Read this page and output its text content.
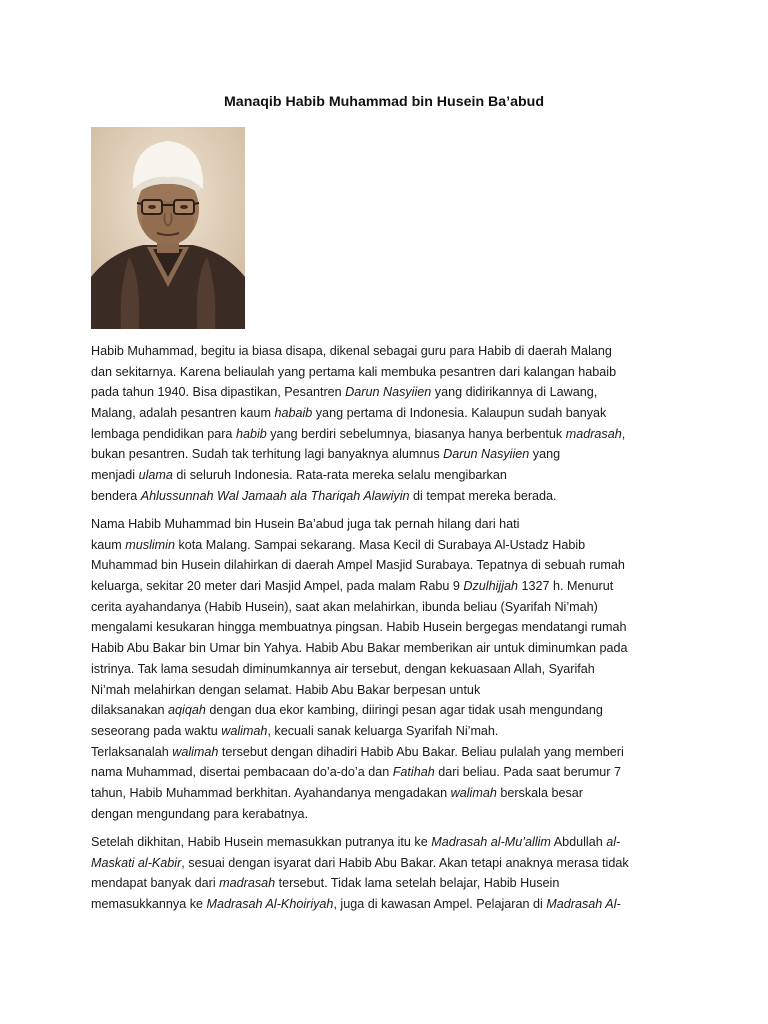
Manaqib Habib Muhammad bin Husein Ba’abud
Habib Muhammad, begitu ia biasa disapa, dikenal sebagai guru para Habib di daerah Malang
dan sekitarnya. Karena beliaulah yang pertama kali membuka pesantren dari kalangan habaib
pada tahun 1940. Bisa dipastikan, Pesantren Darun Nasyiien yang didirikannya di Lawang,
Malang, adalah pesantren kaum habaib yang pertama di Indonesia. Kalaupun sudah banyak
lembaga pendidikan para habib yang berdiri sebelumnya, biasanya hanya berbentuk madrasah,
bukan pesantren. Sudah tak terhitung lagi banyaknya alumnus Darun Nasyiien yang
menjadi ulama di seluruh Indonesia. Rata-rata mereka selalu mengibarkan
bendera Ahlussunnah Wal Jamaah ala Thariqah Alawiyin di tempat mereka berada.
Nama Habib Muhammad bin Husein Ba’abud juga tak pernah hilang dari hati
kaum muslimin kota Malang. Sampai sekarang. Masa Kecil di Surabaya Al-Ustadz Habib
Muhammad bin Husein dilahirkan di daerah Ampel Masjid Surabaya. Tepatnya di sebuah rumah
keluarga, sekitar 20 meter dari Masjid Ampel, pada malam Rabu 9 Dzulhijjah 1327 h. Menurut
cerita ayahandanya (Habib Husein), saat akan melahirkan, ibunda beliau (Syarifah Ni’mah)
mengalami kesukaran hingga membuatnya pingsan. Habib Husein bergegas mendatangi rumah
Habib Abu Bakar bin Umar bin Yahya. Habib Abu Bakar memberikan air untuk diminumkan pada
istrinya. Tak lama sesudah diminumkannya air tersebut, dengan kekuasaan Allah, Syarifah
Ni’mah melahirkan dengan selamat. Habib Abu Bakar berpesan untuk
dilaksanakan aqiqah dengan dua ekor kambing, diiringi pesan agar tidak usah mengundang
seseorang pada waktu walimah, kecuali sanak keluarga Syarifah Ni’mah.
Terlaksanalah walimah tersebut dengan dihadiri Habib Abu Bakar. Beliau pulalah yang memberi
nama Muhammad, disertai pembacaan do’a-do’a dan Fatihah dari beliau. Pada saat berumur 7
tahun, Habib Muhammad berkhitan. Ayahandanya mengadakan walimah berskala besar
dengan mengundang para kerabatnya.
Setelah dikhitan, Habib Husein memasukkan putranya itu ke Madrasah al-Mu’allim Abdullah al-
Maskati al-Kabir, sesuai dengan isyarat dari Habib Abu Bakar. Akan tetapi anaknya merasa tidak
mendapat banyak dari madrasah tersebut. Tidak lama setelah belajar, Habib Husein
memasukkannya ke Madrasah Al-Khoiriyah, juga di kawasan Ampel. Pelajaran di Madrasah Al-
